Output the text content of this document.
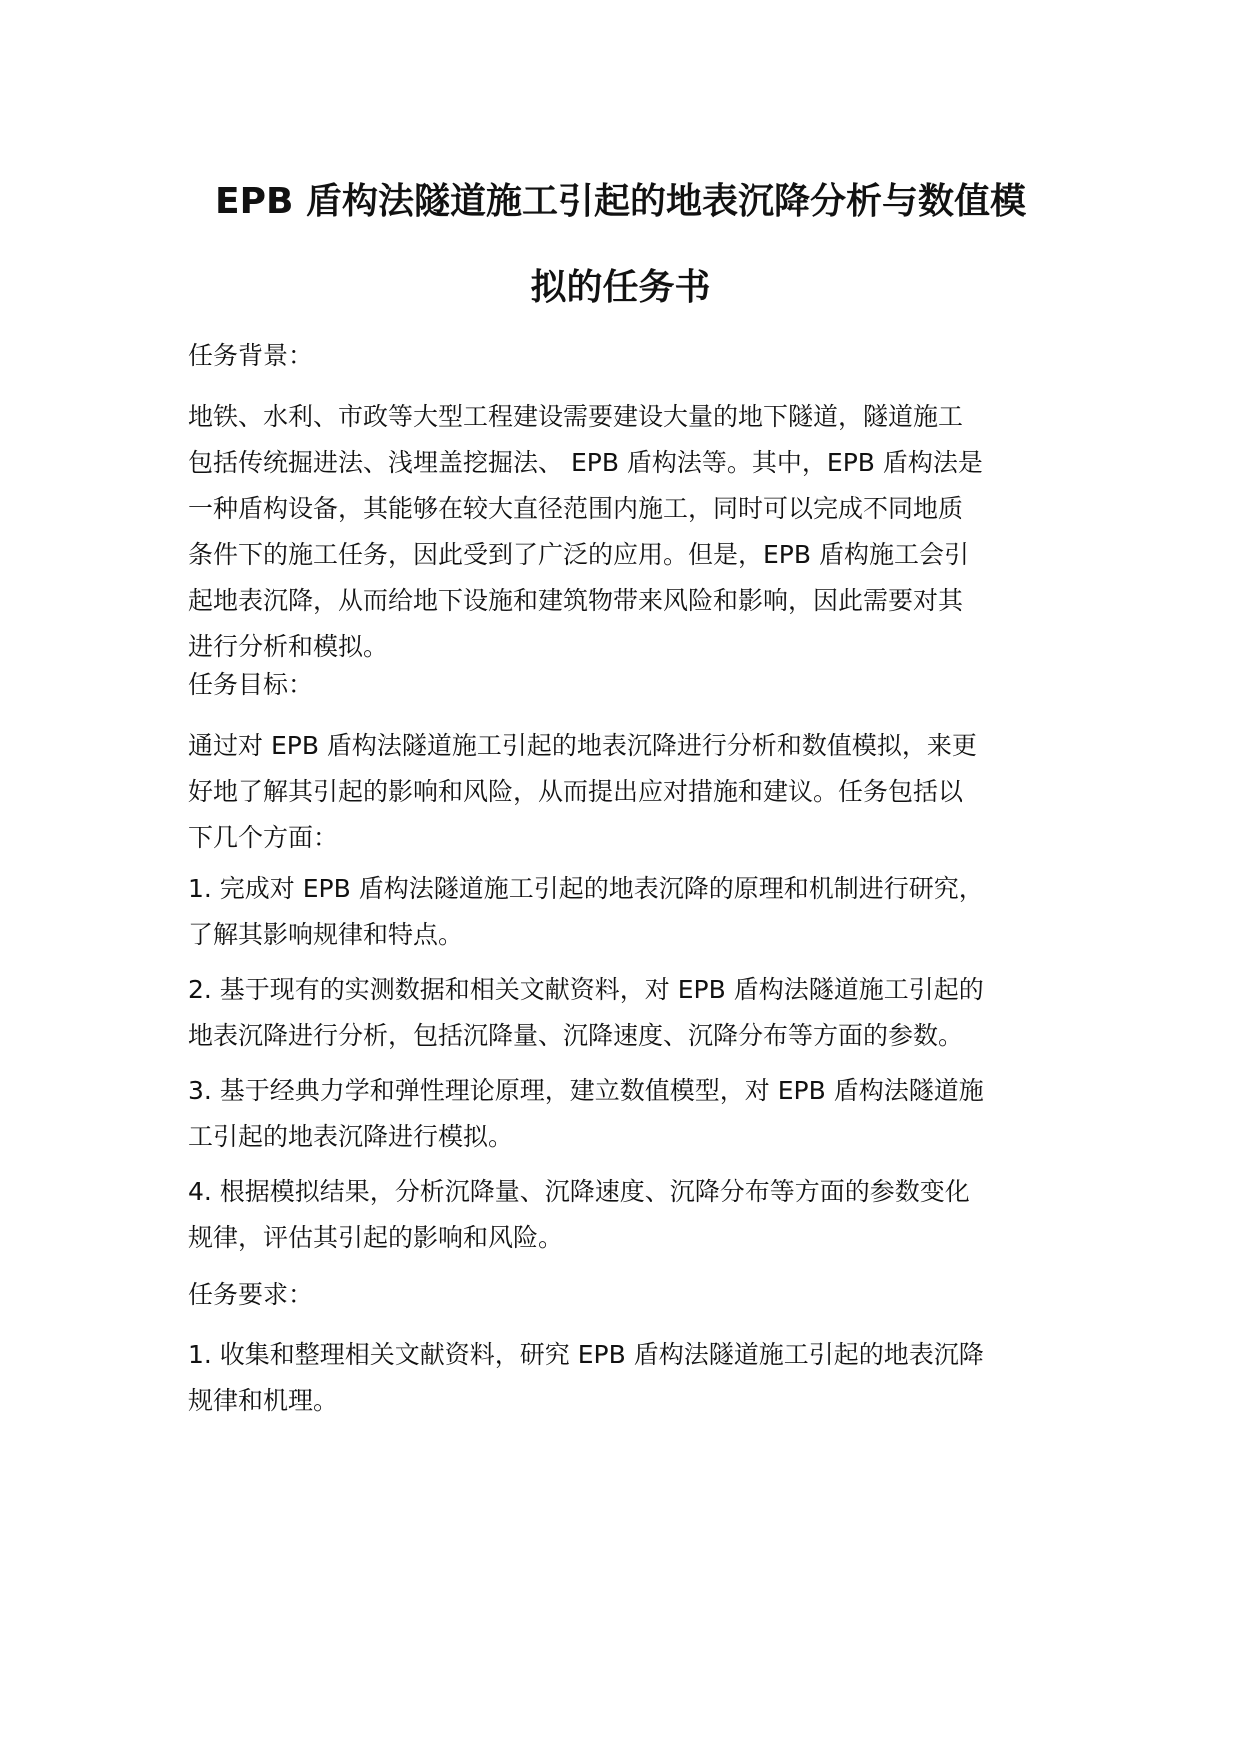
EPB 盾构法隧道施工引起的地表沉降分析与数值模
拟的任务书

任务背景：

地铁、水利、市政等大型工程建设需要建设大量的地下隧道，隧道施工
包括传统掘进法、浅埋盖挖掘法、 EPB 盾构法等。其中，EPB 盾构法是
一种盾构设备，其能够在较大直径范围内施工，同时可以完成不同地质
条件下的施工任务，因此受到了广泛的应用。但是，EPB 盾构施工会引
起地表沉降，从而给地下设施和建筑物带来风险和影响，因此需要对其
进行分析和模拟。

任务目标：

通过对 EPB 盾构法隧道施工引起的地表沉降进行分析和数值模拟，来更
好地了解其引起的影响和风险，从而提出应对措施和建议。任务包括以
下几个方面：

1. 完成对 EPB 盾构法隧道施工引起的地表沉降的原理和机制进行研究，
了解其影响规律和特点。

2. 基于现有的实测数据和相关文献资料，对 EPB 盾构法隧道施工引起的
地表沉降进行分析，包括沉降量、沉降速度、沉降分布等方面的参数。

3. 基于经典力学和弹性理论原理，建立数值模型，对 EPB 盾构法隧道施
工引起的地表沉降进行模拟。

4. 根据模拟结果，分析沉降量、沉降速度、沉降分布等方面的参数变化
规律，评估其引起的影响和风险。

任务要求：

1. 收集和整理相关文献资料，研究 EPB 盾构法隧道施工引起的地表沉降
规律和机理。
